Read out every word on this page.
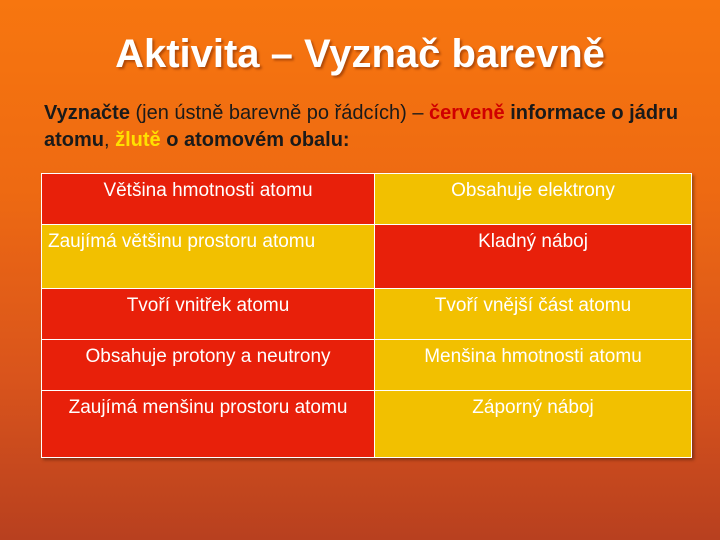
Aktivita – Vyznač barevně
Vyznačte (jen ústně barevně po řádcích) – červeně informace o jádru atomu, žlutě o atomovém obalu:
Většina hmotnosti atomu	Obsahuje elektrony
Zaujímá většinu prostoru atomu	Kladný náboj
Tvoří vnitřek atomu	Tvoří vnější část atomu
Obsahuje protony a neutrony	Menšina hmotnosti atomu
Zaujímá menšinu prostoru atomu	Záporný náboj
